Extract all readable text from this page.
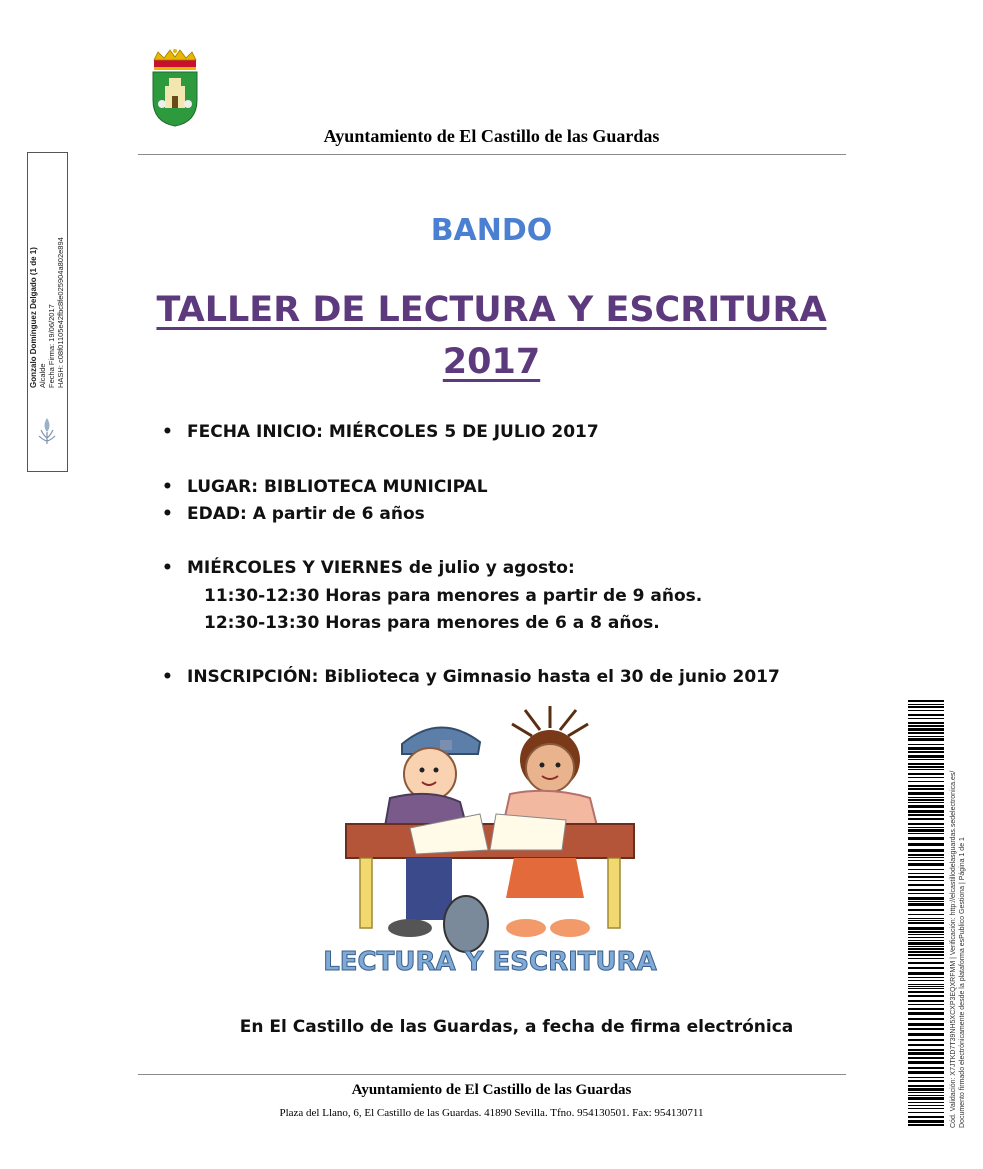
Ayuntamiento de El Castillo de las Guardas
Gonzalo Domínguez Delgado (1 de 1) Alcalde Fecha Firma: 19/06/2017 HASH: c08f01105e42fbc8fe025904a802e894
BANDO
TALLER DE LECTURA Y ESCRITURA
2017
• FECHA INICIO: MIÉRCOLES 5 DE JULIO 2017
• LUGAR: BIBLIOTECA MUNICIPAL
• EDAD: A partir de 6 años
• MIÉRCOLES Y VIERNES de julio y agosto:
11:30-12:30 Horas para menores a partir de 9 años.
12:30-13:30 Horas para menores de 6 a 8 años.
• INSCRIPCIÓN: Biblioteca y Gimnasio hasta el 30 de junio 2017
LECTURA Y ESCRITURA
En El Castillo de las Guardas, a fecha de firma electrónica
Ayuntamiento de El Castillo de las Guardas
Plaza del Llano, 6, El Castillo de las Guardas. 41890 Sevilla. Tfno. 954130501. Fax: 954130711	Cód. Validación: X7JTKD7T39NH5XCXP3EQXRFMM | Verificación: http://elcastillodelasguardas.sedelectronica.es/ Documento firmado electrónicamente desde la plataforma esPublico Gestiona | Página 1 de 1
